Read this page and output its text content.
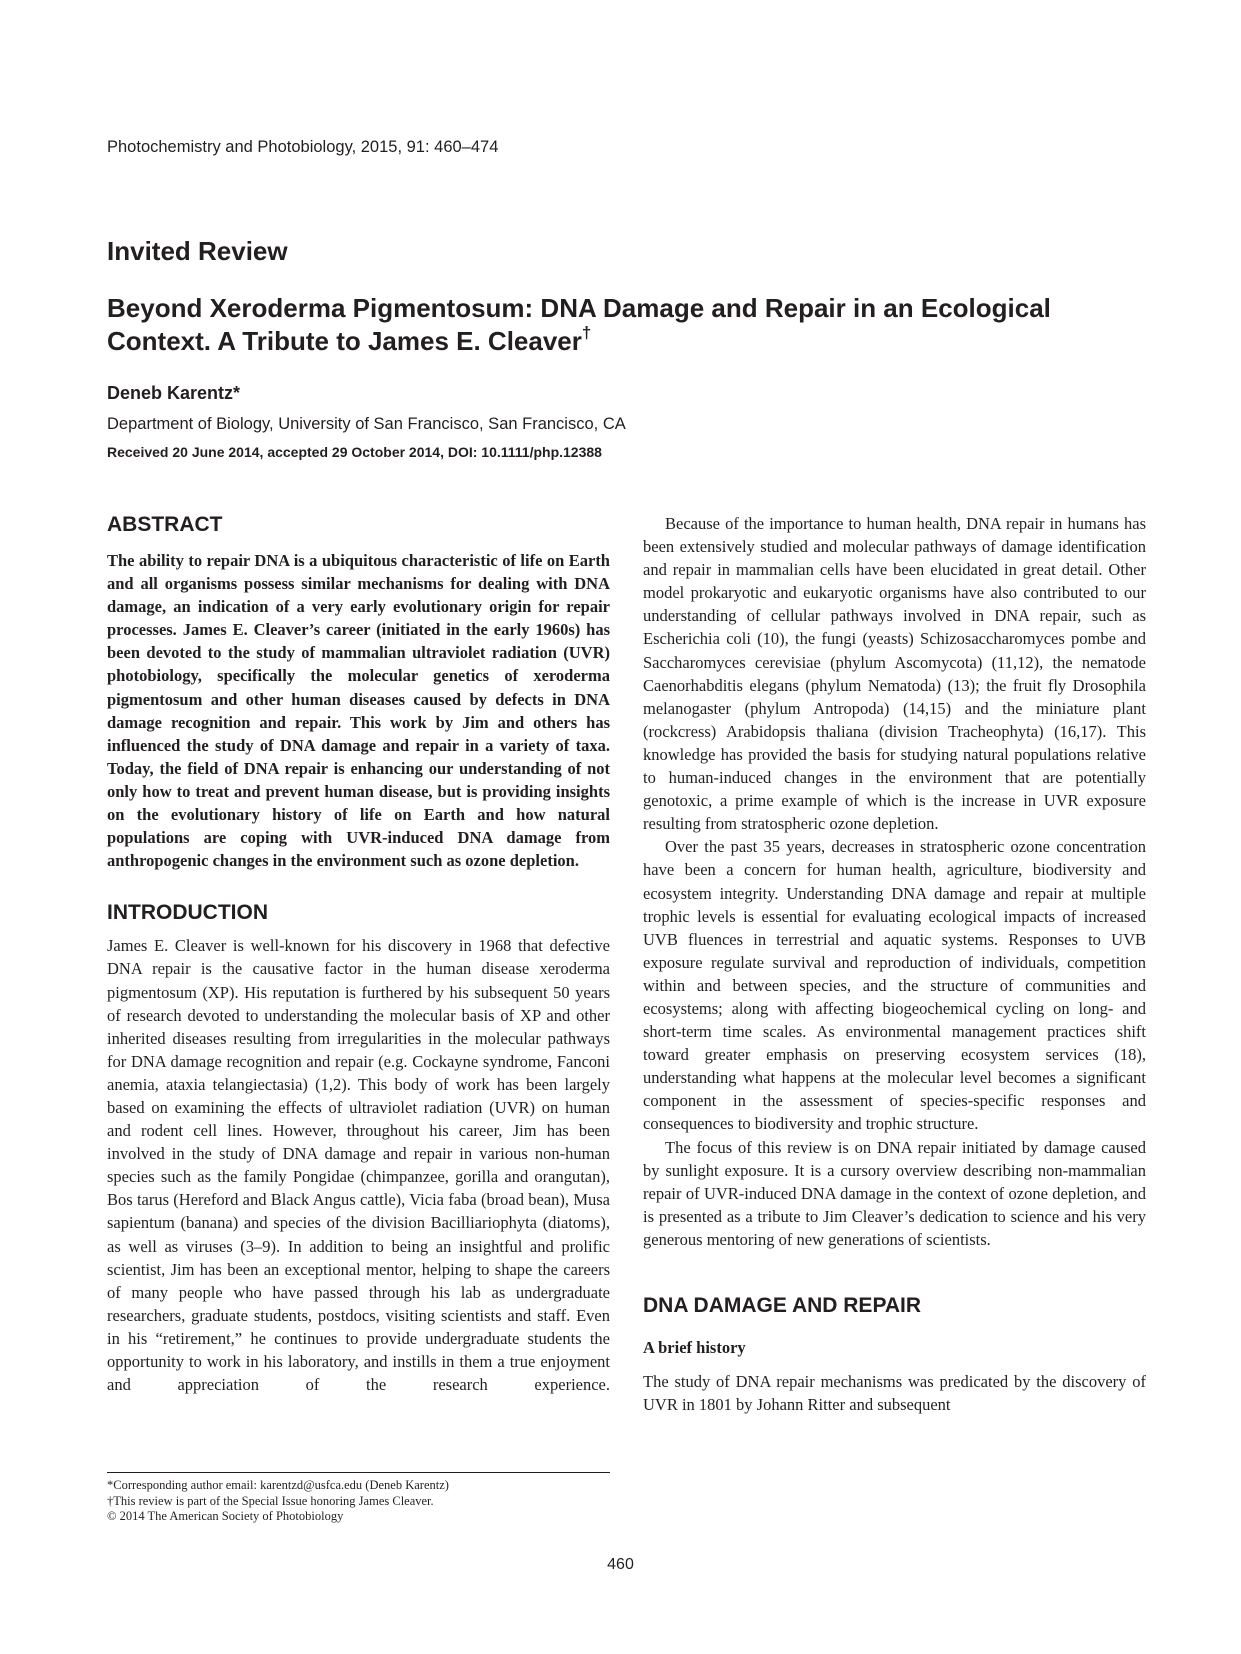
Photochemistry and Photobiology, 2015, 91: 460–474
Invited Review
Beyond Xeroderma Pigmentosum: DNA Damage and Repair in an Ecological Context. A Tribute to James E. Cleaver†
Deneb Karentz*
Department of Biology, University of San Francisco, San Francisco, CA
Received 20 June 2014, accepted 29 October 2014, DOI: 10.1111/php.12388
ABSTRACT

The ability to repair DNA is a ubiquitous characteristic of life on Earth and all organisms possess similar mechanisms for dealing with DNA damage, an indication of a very early evolutionary origin for repair processes. James E. Cleaver’s career (initiated in the early 1960s) has been devoted to the study of mammalian ultraviolet radiation (UVR) photobiology, specifically the molecular genetics of xeroderma pigmentosum and other human diseases caused by defects in DNA damage recognition and repair. This work by Jim and others has influenced the study of DNA damage and repair in a variety of taxa. Today, the field of DNA repair is enhancing our understanding of not only how to treat and prevent human disease, but is providing insights on the evolutionary history of life on Earth and how natural populations are coping with UVR-induced DNA damage from anthropogenic changes in the environment such as ozone depletion.

INTRODUCTION

James E. Cleaver is well-known for his discovery in 1968 that defective DNA repair is the causative factor in the human disease xeroderma pigmentosum (XP). His reputation is furthered by his subsequent 50 years of research devoted to understanding the molecular basis of XP and other inherited diseases resulting from irregularities in the molecular pathways for DNA damage recognition and repair (e.g. Cockayne syndrome, Fanconi anemia, ataxia telangiectasia) (1,2). This body of work has been largely based on examining the effects of ultraviolet radiation (UVR) on human and rodent cell lines. However, throughout his career, Jim has been involved in the study of DNA damage and repair in various non-human species such as the family Pongidae (chimpanzee, gorilla and orangutan), Bos tarus (Hereford and Black Angus cattle), Vicia faba (broad bean), Musa sapientum (banana) and species of the division Bacilliariophyta (diatoms), as well as viruses (3–9). In addition to being an insightful and prolific scientist, Jim has been an exceptional mentor, helping to shape the careers of many people who have passed through his lab as undergraduate researchers, graduate students, postdocs, visiting scientists and staff. Even in his “retirement,” he continues to provide undergraduate students the opportunity to work in his laboratory, and instills in them a true enjoyment and appreciation of the research experience.

Because of the importance to human health, DNA repair in humans has been extensively studied and molecular pathways of damage identification and repair in mammalian cells have been elucidated in great detail. Other model prokaryotic and eukaryotic organisms have also contributed to our understanding of cellular pathways involved in DNA repair, such as Escherichia coli (10), the fungi (yeasts) Schizosaccharomyces pombe and Saccharomyces cerevisiae (phylum Ascomycota) (11,12), the nematode Caenorhabditis elegans (phylum Nematoda) (13); the fruit fly Drosophila melanogaster (phylum Antropoda) (14,15) and the miniature plant (rockcress) Arabidopsis thaliana (division Tracheophyta) (16,17). This knowledge has provided the basis for studying natural populations relative to human-induced changes in the environment that are potentially genotoxic, a prime example of which is the increase in UVR exposure resulting from stratospheric ozone depletion.

Over the past 35 years, decreases in stratospheric ozone concentration have been a concern for human health, agriculture, biodiversity and ecosystem integrity. Understanding DNA damage and repair at multiple trophic levels is essential for evaluating ecological impacts of increased UVB fluences in terrestrial and aquatic systems. Responses to UVB exposure regulate survival and reproduction of individuals, competition within and between species, and the structure of communities and ecosystems; along with affecting biogeochemical cycling on long- and short-term time scales. As environmental management practices shift toward greater emphasis on preserving ecosystem services (18), understanding what happens at the molecular level becomes a significant component in the assessment of species-specific responses and consequences to biodiversity and trophic structure.

The focus of this review is on DNA repair initiated by damage caused by sunlight exposure. It is a cursory overview describing non-mammalian repair of UVR-induced DNA damage in the context of ozone depletion, and is presented as a tribute to Jim Cleaver’s dedication to science and his very generous mentoring of new generations of scientists.

DNA DAMAGE AND REPAIR
A brief history

The study of DNA repair mechanisms was predicated by the discovery of UVR in 1801 by Johann Ritter and subsequent

*Corresponding author email: karentzd@usfca.edu (Deneb Karentz)
†This review is part of the Special Issue honoring James Cleaver.
© 2014 The American Society of Photobiology
460
